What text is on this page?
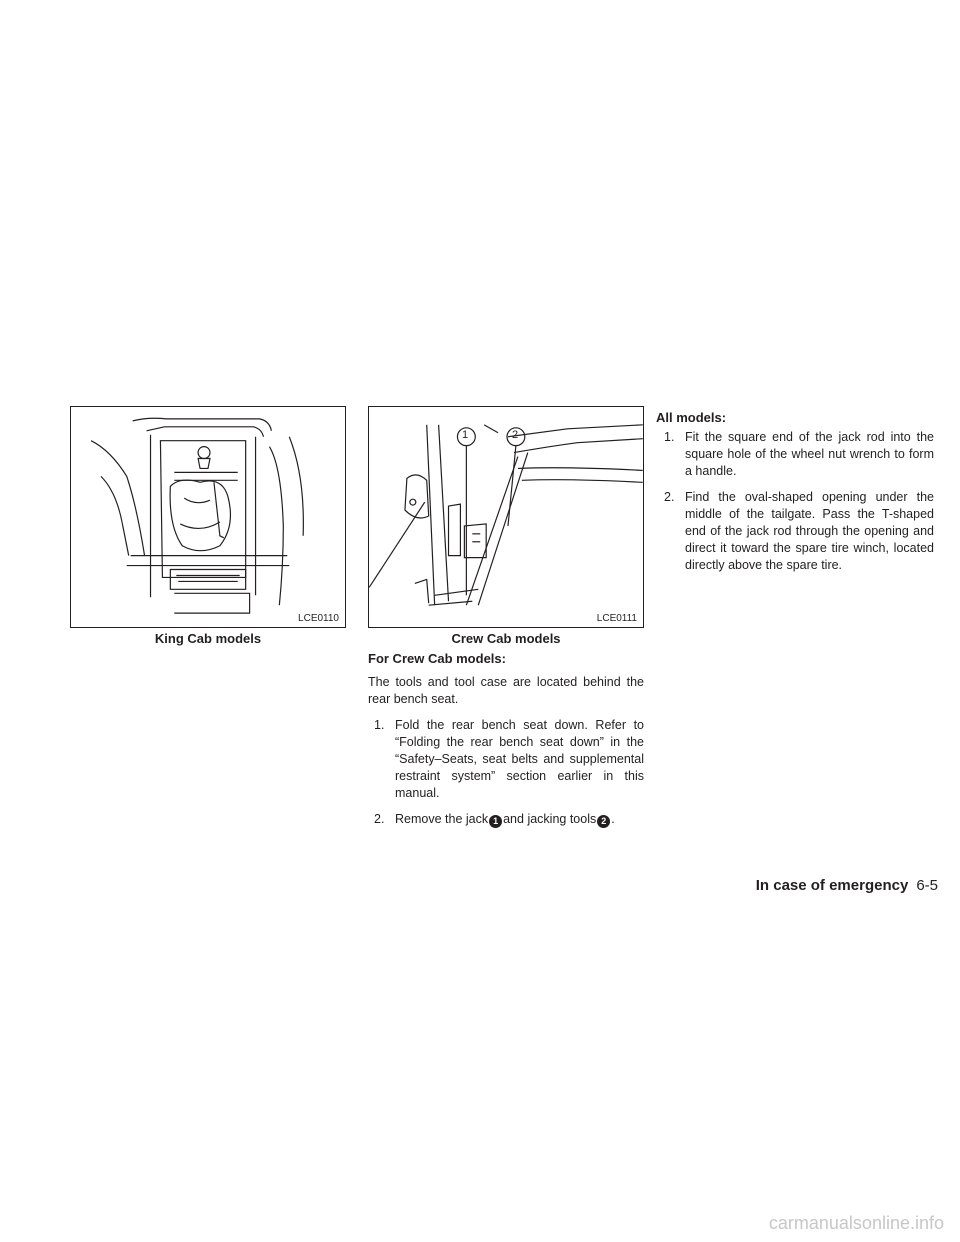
LCE0110
King Cab models
1	2
LCE0111
Crew Cab models
For Crew Cab models:
The tools and tool case are located behind the rear bench seat.
1. Fold the rear bench seat down. Refer to “Folding the rear bench seat down” in the “Safety–Seats, seat belts and supplemental restraint system” section earlier in this manual.
2. Remove the jack 1 and jacking tools 2 .
All models:
1. Fit the square end of the jack rod into the square hole of the wheel nut wrench to form a handle.
2. Find the oval-shaped opening under the middle of the tailgate. Pass the T-shaped end of the jack rod through the opening and direct it toward the spare tire winch, located directly above the spare tire.
In case of emergency 6-5
carmanualsonline.info
